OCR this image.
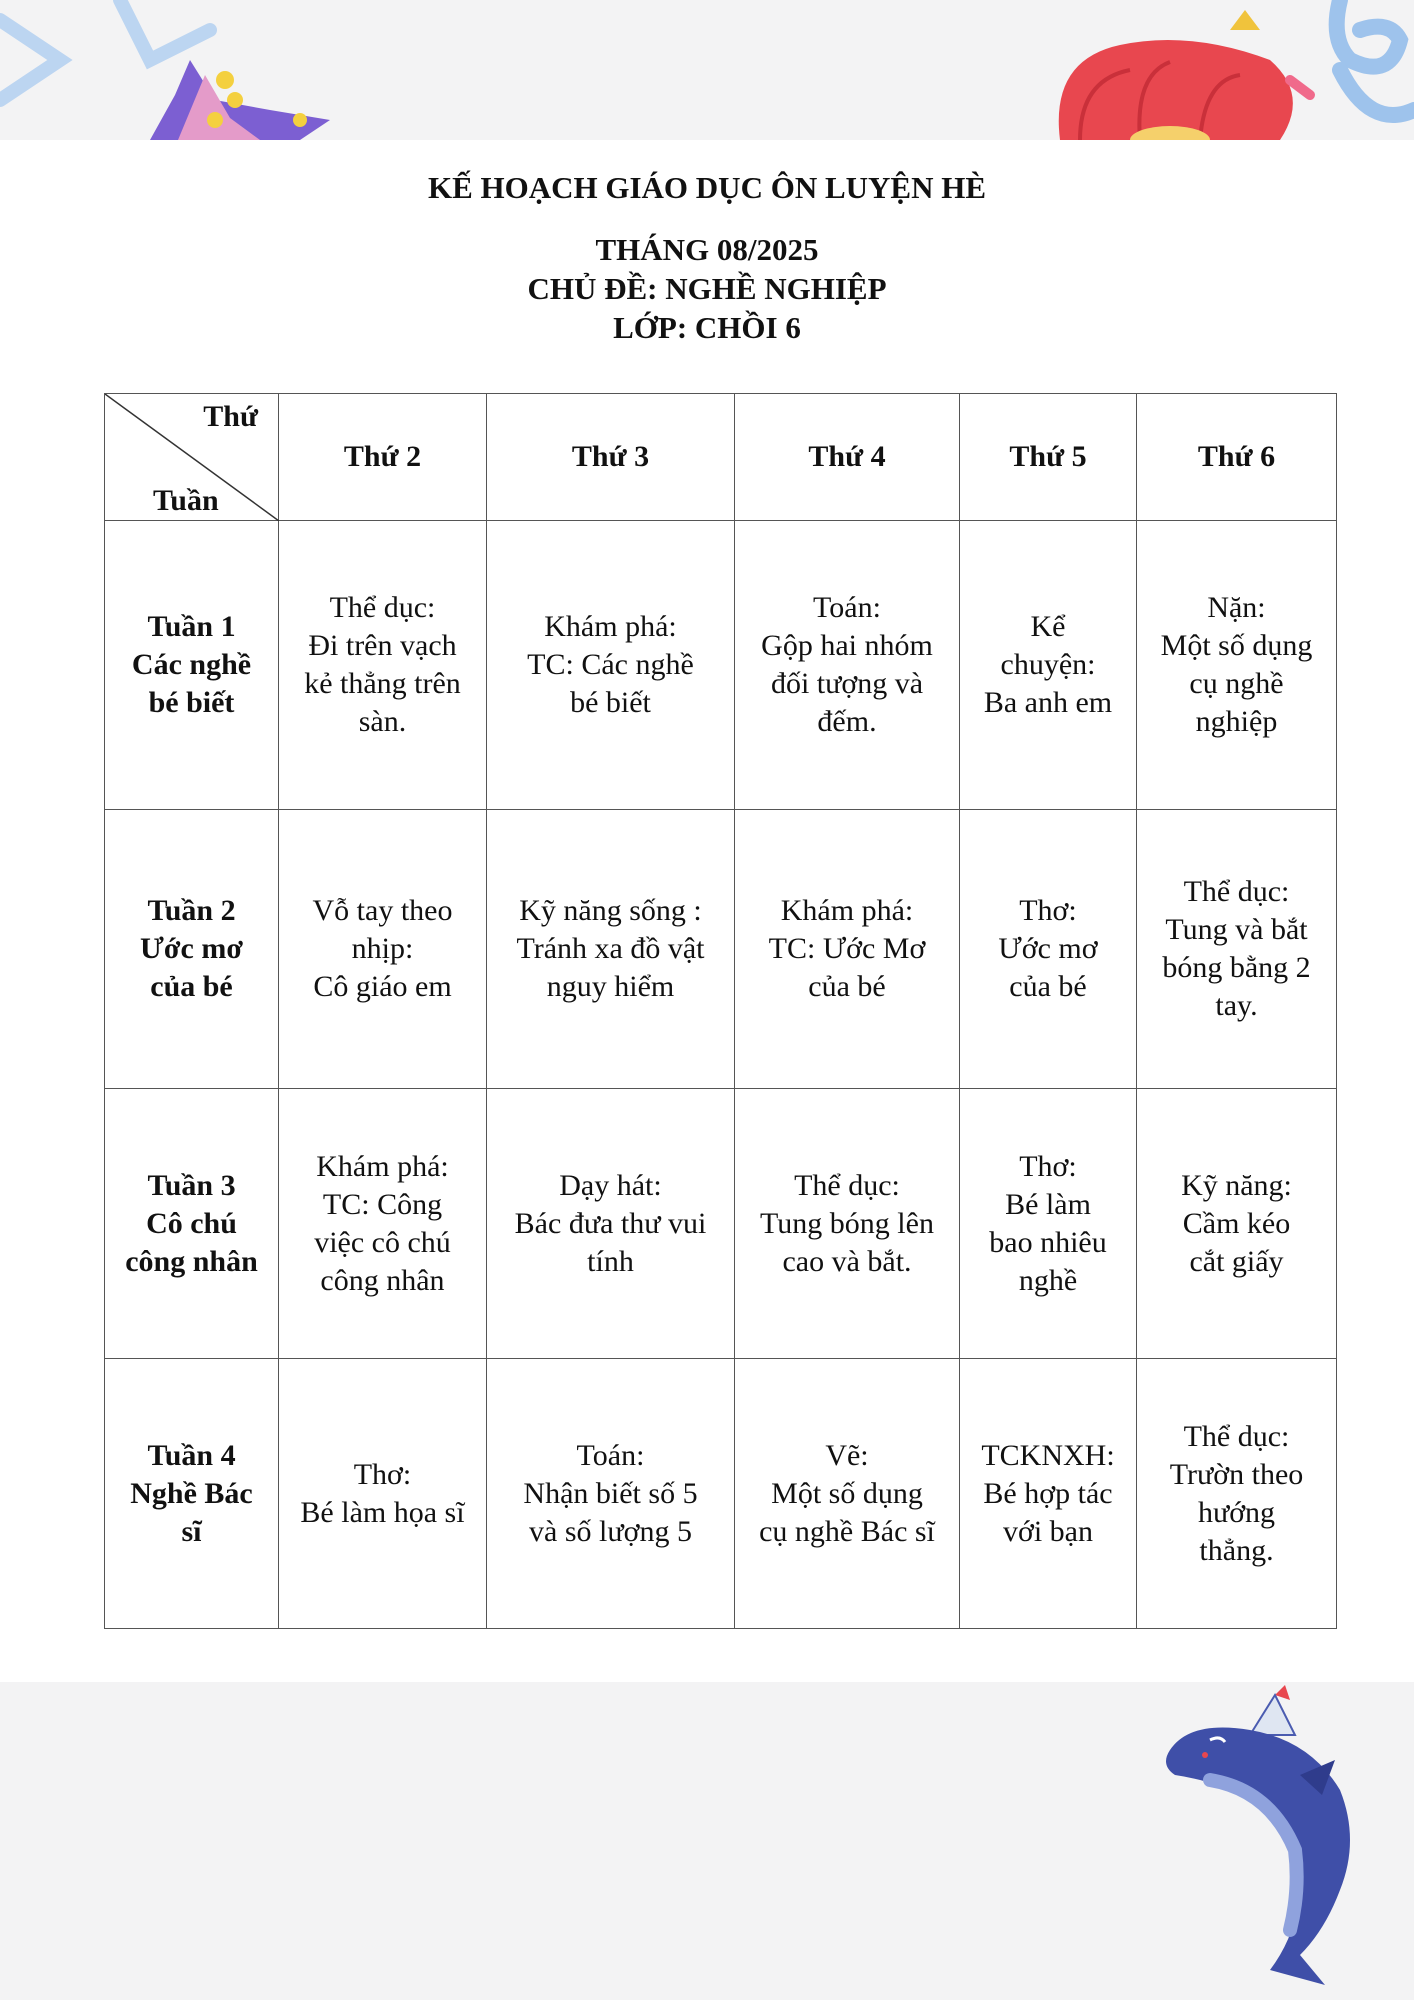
KẾ HOẠCH GIÁO DỤC ÔN LUYỆN HÈ
THÁNG 08/2025
CHỦ ĐỀ: NGHỀ NGHIỆP
LỚP: CHỒI 6
Thứ
Tuần	Thứ 2	Thứ 3	Thứ 4	Thứ 5	Thứ 6

Tuần 1
Các nghề
bé biết	Thể dục:
Đi trên vạch
kẻ thẳng trên
sàn.	Khám phá:
TC: Các nghề
bé biết	Toán:
Gộp hai nhóm
đối tượng và
đếm.	Kể
chuyện:
Ba anh em	Nặn:
Một số dụng
cụ nghề
nghiệp

Tuần 2
Ước mơ
của bé	Vỗ tay theo
nhịp:
Cô giáo em	Kỹ năng sống :
Tránh xa đồ vật
nguy hiểm	Khám phá:
TC: Ước Mơ
của bé	Thơ:
Ước mơ
của bé	Thể dục:
Tung và bắt
bóng bằng 2
tay.

Tuần 3
Cô chú
công nhân	Khám phá:
TC: Công
việc cô chú
công nhân	Dạy hát:
Bác đưa thư vui
tính	Thể dục:
Tung bóng lên
cao và bắt.	Thơ:
Bé làm
bao nhiêu
nghề	Kỹ năng:
Cầm kéo
cắt giấy

Tuần 4
Nghề Bác
sĩ	Thơ:
Bé làm họa sĩ	Toán:
Nhận biết số 5
và số lượng 5	Vẽ:
Một số dụng
cụ nghề Bác sĩ	TCKNXH:
Bé hợp tác
với bạn	Thể dục:
Trườn theo
hướng
thẳng.
